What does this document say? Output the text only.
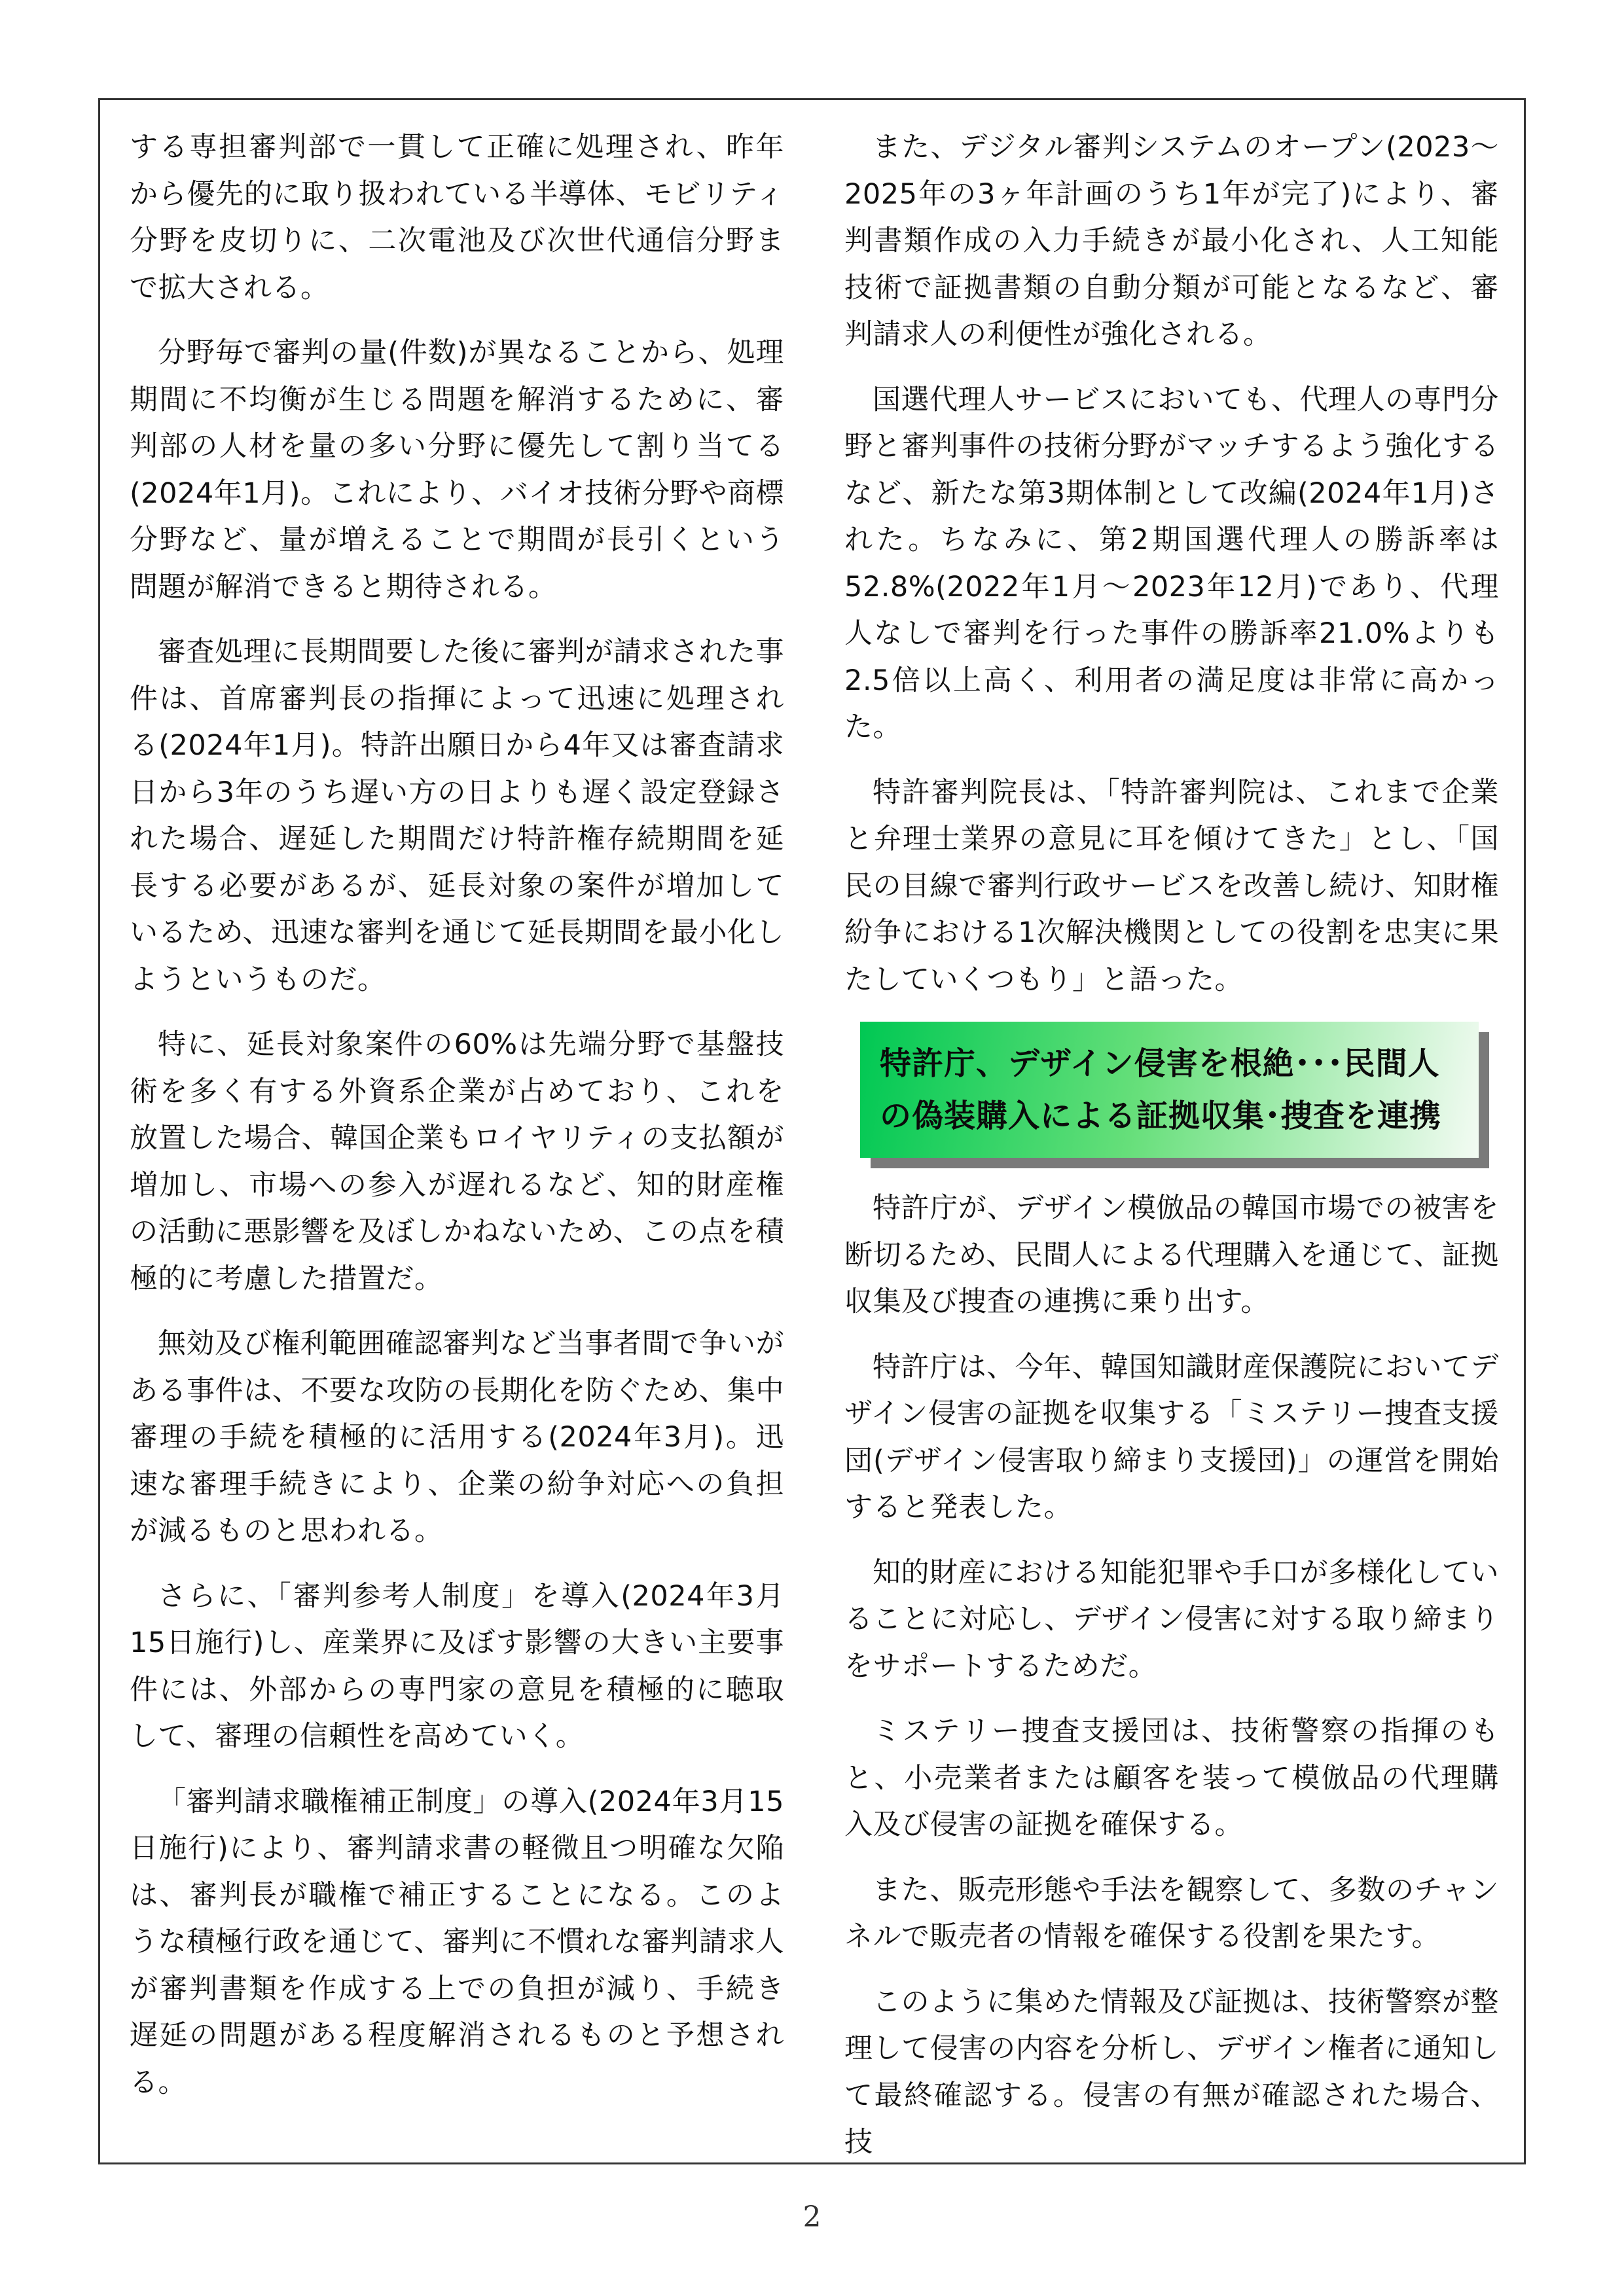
する専担審判部で一貫して正確に処理され、昨年から優先的に取り扱われている半導体、モビリティ分野を皮切りに、二次電池及び次世代通信分野まで拡大される。

分野毎で審判の量(件数)が異なることから、処理期間に不均衡が生じる問題を解消するために、審判部の人材を量の多い分野に優先して割り当てる(2024年1月)。これにより、バイオ技術分野や商標分野など、量が増えることで期間が長引くという問題が解消できると期待される。

審査処理に長期間要した後に審判が請求された事件は、首席審判長の指揮によって迅速に処理される(2024年1月)。特許出願日から4年又は審査請求日から3年のうち遅い方の日よりも遅く設定登録された場合、遅延した期間だけ特許権存続期間を延長する必要があるが、延長対象の案件が増加しているため、迅速な審判を通じて延長期間を最小化しようというものだ。

特に、延長対象案件の60%は先端分野で基盤技術を多く有する外資系企業が占めており、これを放置した場合、韓国企業もロイヤリティの支払額が増加し、市場への参入が遅れるなど、知的財産権の活動に悪影響を及ぼしかねないため、この点を積極的に考慮した措置だ。

無効及び権利範囲確認審判など当事者間で争いがある事件は、不要な攻防の長期化を防ぐため、集中審理の手続を積極的に活用する(2024年3月)。迅速な審理手続きにより、企業の紛争対応への負担が減るものと思われる。

さらに、「審判参考人制度」を導入(2024年3月15日施行)し、産業界に及ぼす影響の大きい主要事件には、外部からの専門家の意見を積極的に聴取して、審理の信頼性を高めていく。

「審判請求職権補正制度」の導入(2024年3月15日施行)により、審判請求書の軽微且つ明確な欠陥は、審判長が職権で補正することになる。このような積極行政を通じて、審判に不慣れな審判請求人が審判書類を作成する上での負担が減り、手続き遅延の問題がある程度解消されるものと予想される。

また、デジタル審判システムのオープン(2023～2025年の3ヶ年計画のうち1年が完了)により、審判書類作成の入力手続きが最小化され、人工知能技術で証拠書類の自動分類が可能となるなど、審判請求人の利便性が強化される。

国選代理人サービスにおいても、代理人の専門分野と審判事件の技術分野がマッチするよう強化するなど、新たな第3期体制として改編(2024年1月)された。ちなみに、第2期国選代理人の勝訴率は52.8%(2022年1月～2023年12月)であり、代理人なしで審判を行った事件の勝訴率21.0%よりも2.5倍以上高く、利用者の満足度は非常に高かった。

特許審判院長は、「特許審判院は、これまで企業と弁理士業界の意見に耳を傾けてきた」とし、「国民の目線で審判行政サービスを改善し続け、知財権紛争における1次解決機関としての役割を忠実に果たしていくつもり」と語った。

特許庁、デザイン侵害を根絶･･･民間人
の偽装購入による証拠収集･捜査を連携

特許庁が、デザイン模倣品の韓国市場での被害を断切るため、民間人による代理購入を通じて、証拠収集及び捜査の連携に乗り出す。

特許庁は、今年、韓国知識財産保護院においてデザイン侵害の証拠を収集する「ミステリー捜査支援団(デザイン侵害取り締まり支援団)」の運営を開始すると発表した。

知的財産における知能犯罪や手口が多様化していることに対応し、デザイン侵害に対する取り締まりをサポートするためだ。

ミステリー捜査支援団は、技術警察の指揮のもと、小売業者または顧客を装って模倣品の代理購入及び侵害の証拠を確保する。

また、販売形態や手法を観察して、多数のチャンネルで販売者の情報を確保する役割を果たす。

このように集めた情報及び証拠は、技術警察が整理して侵害の内容を分析し、デザイン権者に通知して最終確認する。侵害の有無が確認された場合、技

2
